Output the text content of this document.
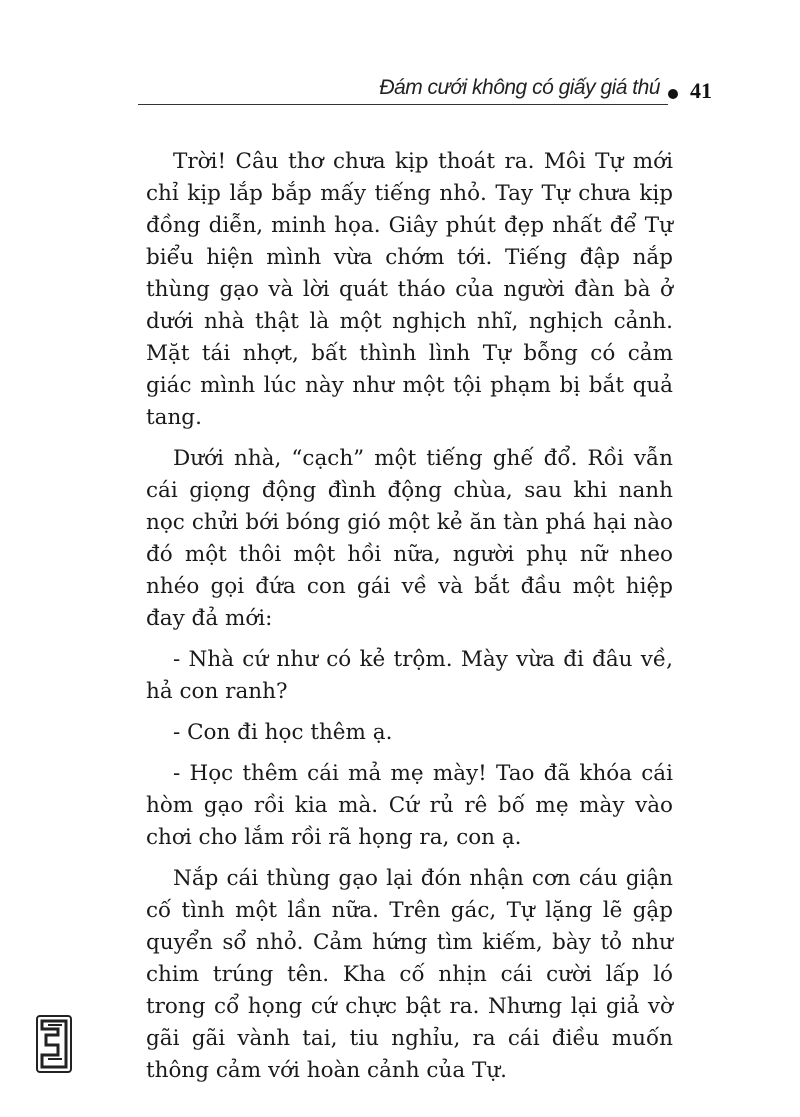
Đám cưới không có giấy giá thú 41

Trời! Câu thơ chưa kịp thoát ra. Môi Tự mới chỉ kịp lắp bắp mấy tiếng nhỏ. Tay Tự chưa kịp đồng diễn, minh họa. Giây phút đẹp nhất để Tự biểu hiện mình vừa chớm tới. Tiếng đập nắp thùng gạo và lời quát tháo của người đàn bà ở dưới nhà thật là một nghịch nhĩ, nghịch cảnh. Mặt tái nhợt, bất thình lình Tự bỗng có cảm giác mình lúc này như một tội phạm bị bắt quả tang.

Dưới nhà, “cạch” một tiếng ghế đổ. Rồi vẫn cái giọng động đình động chùa, sau khi nanh nọc chửi bới bóng gió một kẻ ăn tàn phá hại nào đó một thôi một hồi nữa, người phụ nữ nheo nhéo gọi đứa con gái về và bắt đầu một hiệp đay đả mới:

- Nhà cứ như có kẻ trộm. Mày vừa đi đâu về, hả con ranh?

- Con đi học thêm ạ.

- Học thêm cái mả mẹ mày! Tao đã khóa cái hòm gạo rồi kia mà. Cứ rủ rê bố mẹ mày vào chơi cho lắm rồi rã họng ra, con ạ.

Nắp cái thùng gạo lại đón nhận cơn cáu giận cố tình một lần nữa. Trên gác, Tự lặng lẽ gập quyển sổ nhỏ. Cảm hứng tìm kiếm, bày tỏ như chim trúng tên. Kha cố nhịn cái cười lấp ló trong cổ họng cứ chực bật ra. Nhưng lại giả vờ gãi gãi vành tai, tiu nghỉu, ra cái điều muốn thông cảm với hoàn cảnh của Tự.
